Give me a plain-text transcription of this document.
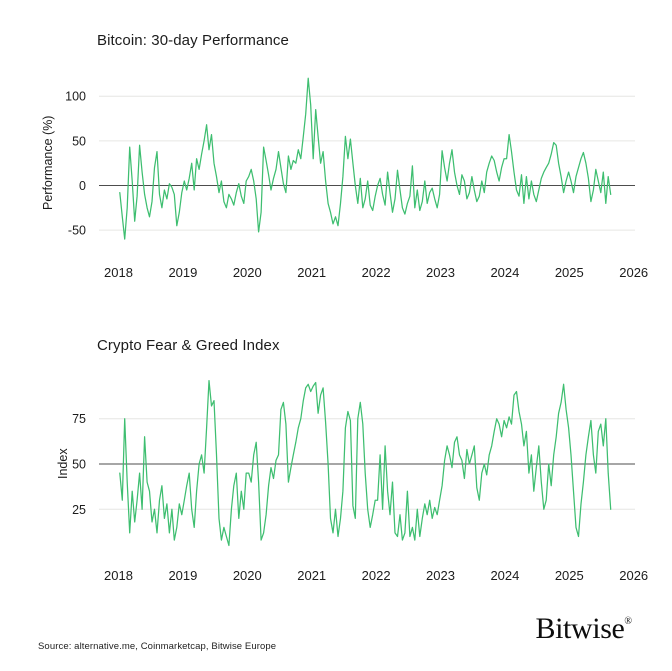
Bitcoin: 30-day Performance
Crypto Fear & Greed Index
Performance (%)
Index
100
50
0
-50
2018	2019	2020	2021	2022	2023	2024	2025	2026
75
50
25
2018	2019	2020	2021	2022	2023	2024	2025	2026
Source: alternative.me, Coinmarketcap, Bitwise Europe
Bitwise®
